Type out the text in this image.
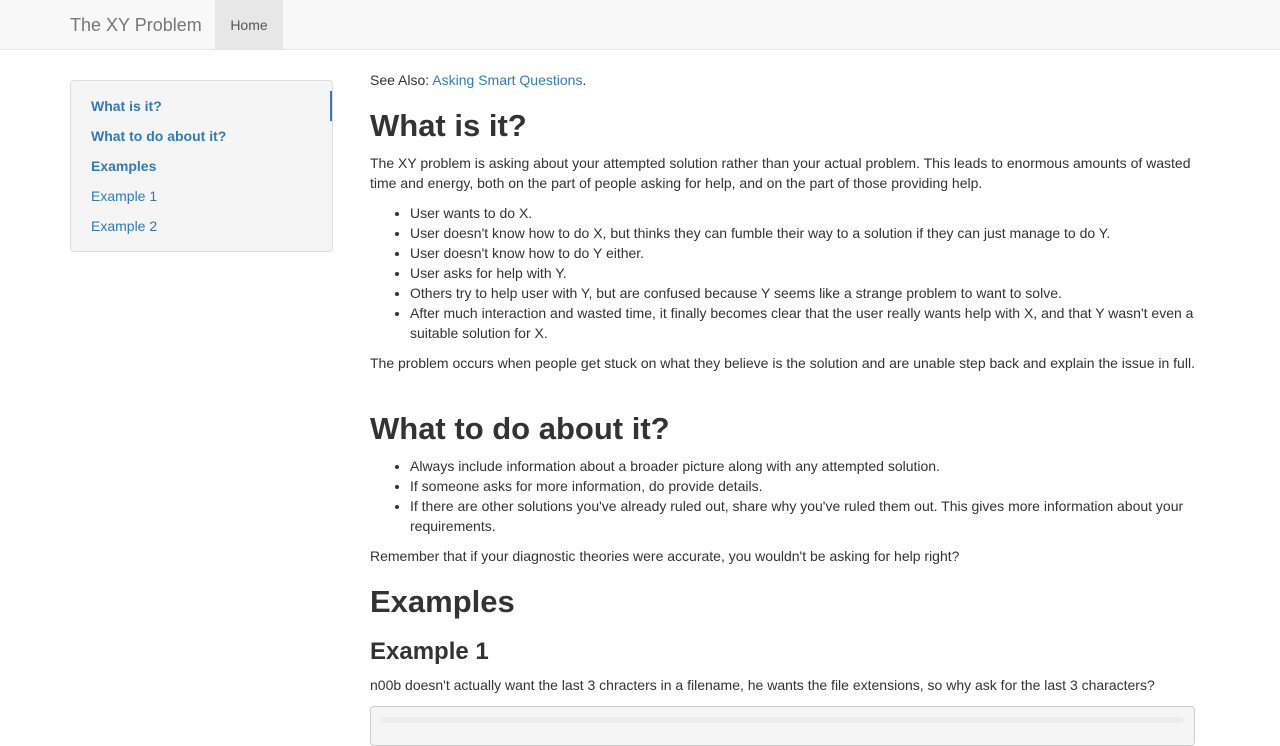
The XY Problem	Home
What is it?
What to do about it?
Examples
Example 1
Example 2

See Also: Asking Smart Questions.

What is it?

The XY problem is asking about your attempted solution rather than your actual problem. This leads to enormous amounts of wasted time and energy, both on the part of people asking for help, and on the part of those providing help.

• User wants to do X.
• User doesn't know how to do X, but thinks they can fumble their way to a solution if they can just manage to do Y.
• User doesn't know how to do Y either.
• User asks for help with Y.
• Others try to help user with Y, but are confused because Y seems like a strange problem to want to solve.
• After much interaction and wasted time, it finally becomes clear that the user really wants help with X, and that Y wasn't even a suitable solution for X.

The problem occurs when people get stuck on what they believe is the solution and are unable step back and explain the issue in full.

What to do about it?
• Always include information about a broader picture along with any attempted solution.
• If someone asks for more information, do provide details.
• If there are other solutions you've already ruled out, share why you've ruled them out. This gives more information about your requirements.

Remember that if your diagnostic theories were accurate, you wouldn't be asking for help right?

Examples
Example 1

n00b doesn't actually want the last 3 chracters in a filename, he wants the file extensions, so why ask for the last 3 characters?
